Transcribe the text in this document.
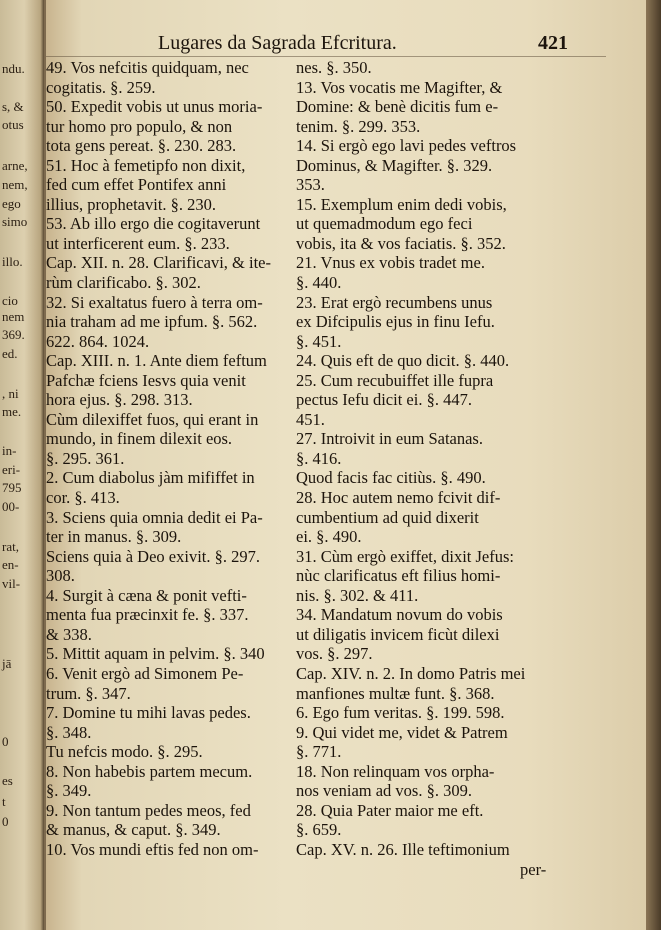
ndu.
s, &
otus
arne,
nem,
ego
simo
illo.
cio
nem
369.
ed.
, ni
me.
in-
eri-
795
00-
rat,
en-
vil-
jā
0
es
t
0
Lugares da Sagrada Efcritura.	421
49. Vos nefcitis quidquam, nec
cogitatis. §. 259.
50. Expedit vobis ut unus moria-
tur homo pro populo, & non
tota gens pereat. §. 230. 283.
51. Hoc à femetipfo non dixit,
fed cum effet Pontifex anni
illius, prophetavit. §. 230.
53. Ab illo ergo die cogitaverunt
ut interficerent eum. §. 233.
Cap. XII. n. 28. Clarificavi, & ite-
rùm clarificabo. §. 302.
32. Si exaltatus fuero à terra om-
nia traham ad me ipfum. §. 562.
622. 864. 1024.
Cap. XIII. n. 1. Ante diem feftum
Pafchæ fciens Iesvs quia venit
hora ejus. §. 298. 313.
Cùm dilexiffet fuos, qui erant in
mundo, in finem dilexit eos.
§. 295. 361.
2. Cum diabolus jàm mififfet in
cor. §. 413.
3. Sciens quia omnia dedit ei Pa-
ter in manus. §. 309.
Sciens quia à Deo exivit. §. 297.
308.
4. Surgit à cæna & ponit vefti-
menta fua præcinxit fe. §. 337.
& 338.
5. Mittit aquam in pelvim. §. 340
6. Venit ergò ad Simonem Pe-
trum. §. 347.
7. Domine tu mihi lavas pedes.
§. 348.
Tu nefcis modo. §. 295.
8. Non habebis partem mecum.
§. 349.
9. Non tantum pedes meos, fed
& manus, & caput. §. 349.
10. Vos mundi eftis fed non om-
nes. §. 350.
13. Vos vocatis me Magifter, &
Domine: & benè dicitis fum e-
tenim. §. 299. 353.
14. Si ergò ego lavi pedes veftros
Dominus, & Magifter. §. 329.
353.
15. Exemplum enim dedi vobis,
ut quemadmodum ego feci
vobis, ita & vos faciatis. §. 352.
21. Vnus ex vobis tradet me.
§. 440.
23. Erat ergò recumbens unus
ex Difcipulis ejus in finu Iefu.
§. 451.
24. Quis eft de quo dicit. §. 440.
25. Cum recubuiffet ille fupra
pectus Iefu dicit ei. §. 447.
451.
27. Introivit in eum Satanas.
§. 416.
Quod facis fac citiùs. §. 490.
28. Hoc autem nemo fcivit dif-
cumbentium ad quid dixerit
ei. §. 490.
31. Cùm ergò exiffet, dixit Jefus:
nùc clarificatus eft filius homi-
nis. §. 302. & 411.
34. Mandatum novum do vobis
ut diligatis invicem ficùt dilexi
vos. §. 297.
Cap. XIV. n. 2. In domo Patris mei
manfiones multæ funt. §. 368.
6. Ego fum veritas. §. 199. 598.
9. Qui videt me, videt & Patrem
§. 771.
18. Non relinquam vos orpha-
nos veniam ad vos. §. 309.
28. Quia Pater maior me eft.
§. 659.
Cap. XV. n. 26. Ille teftimonium
per-
